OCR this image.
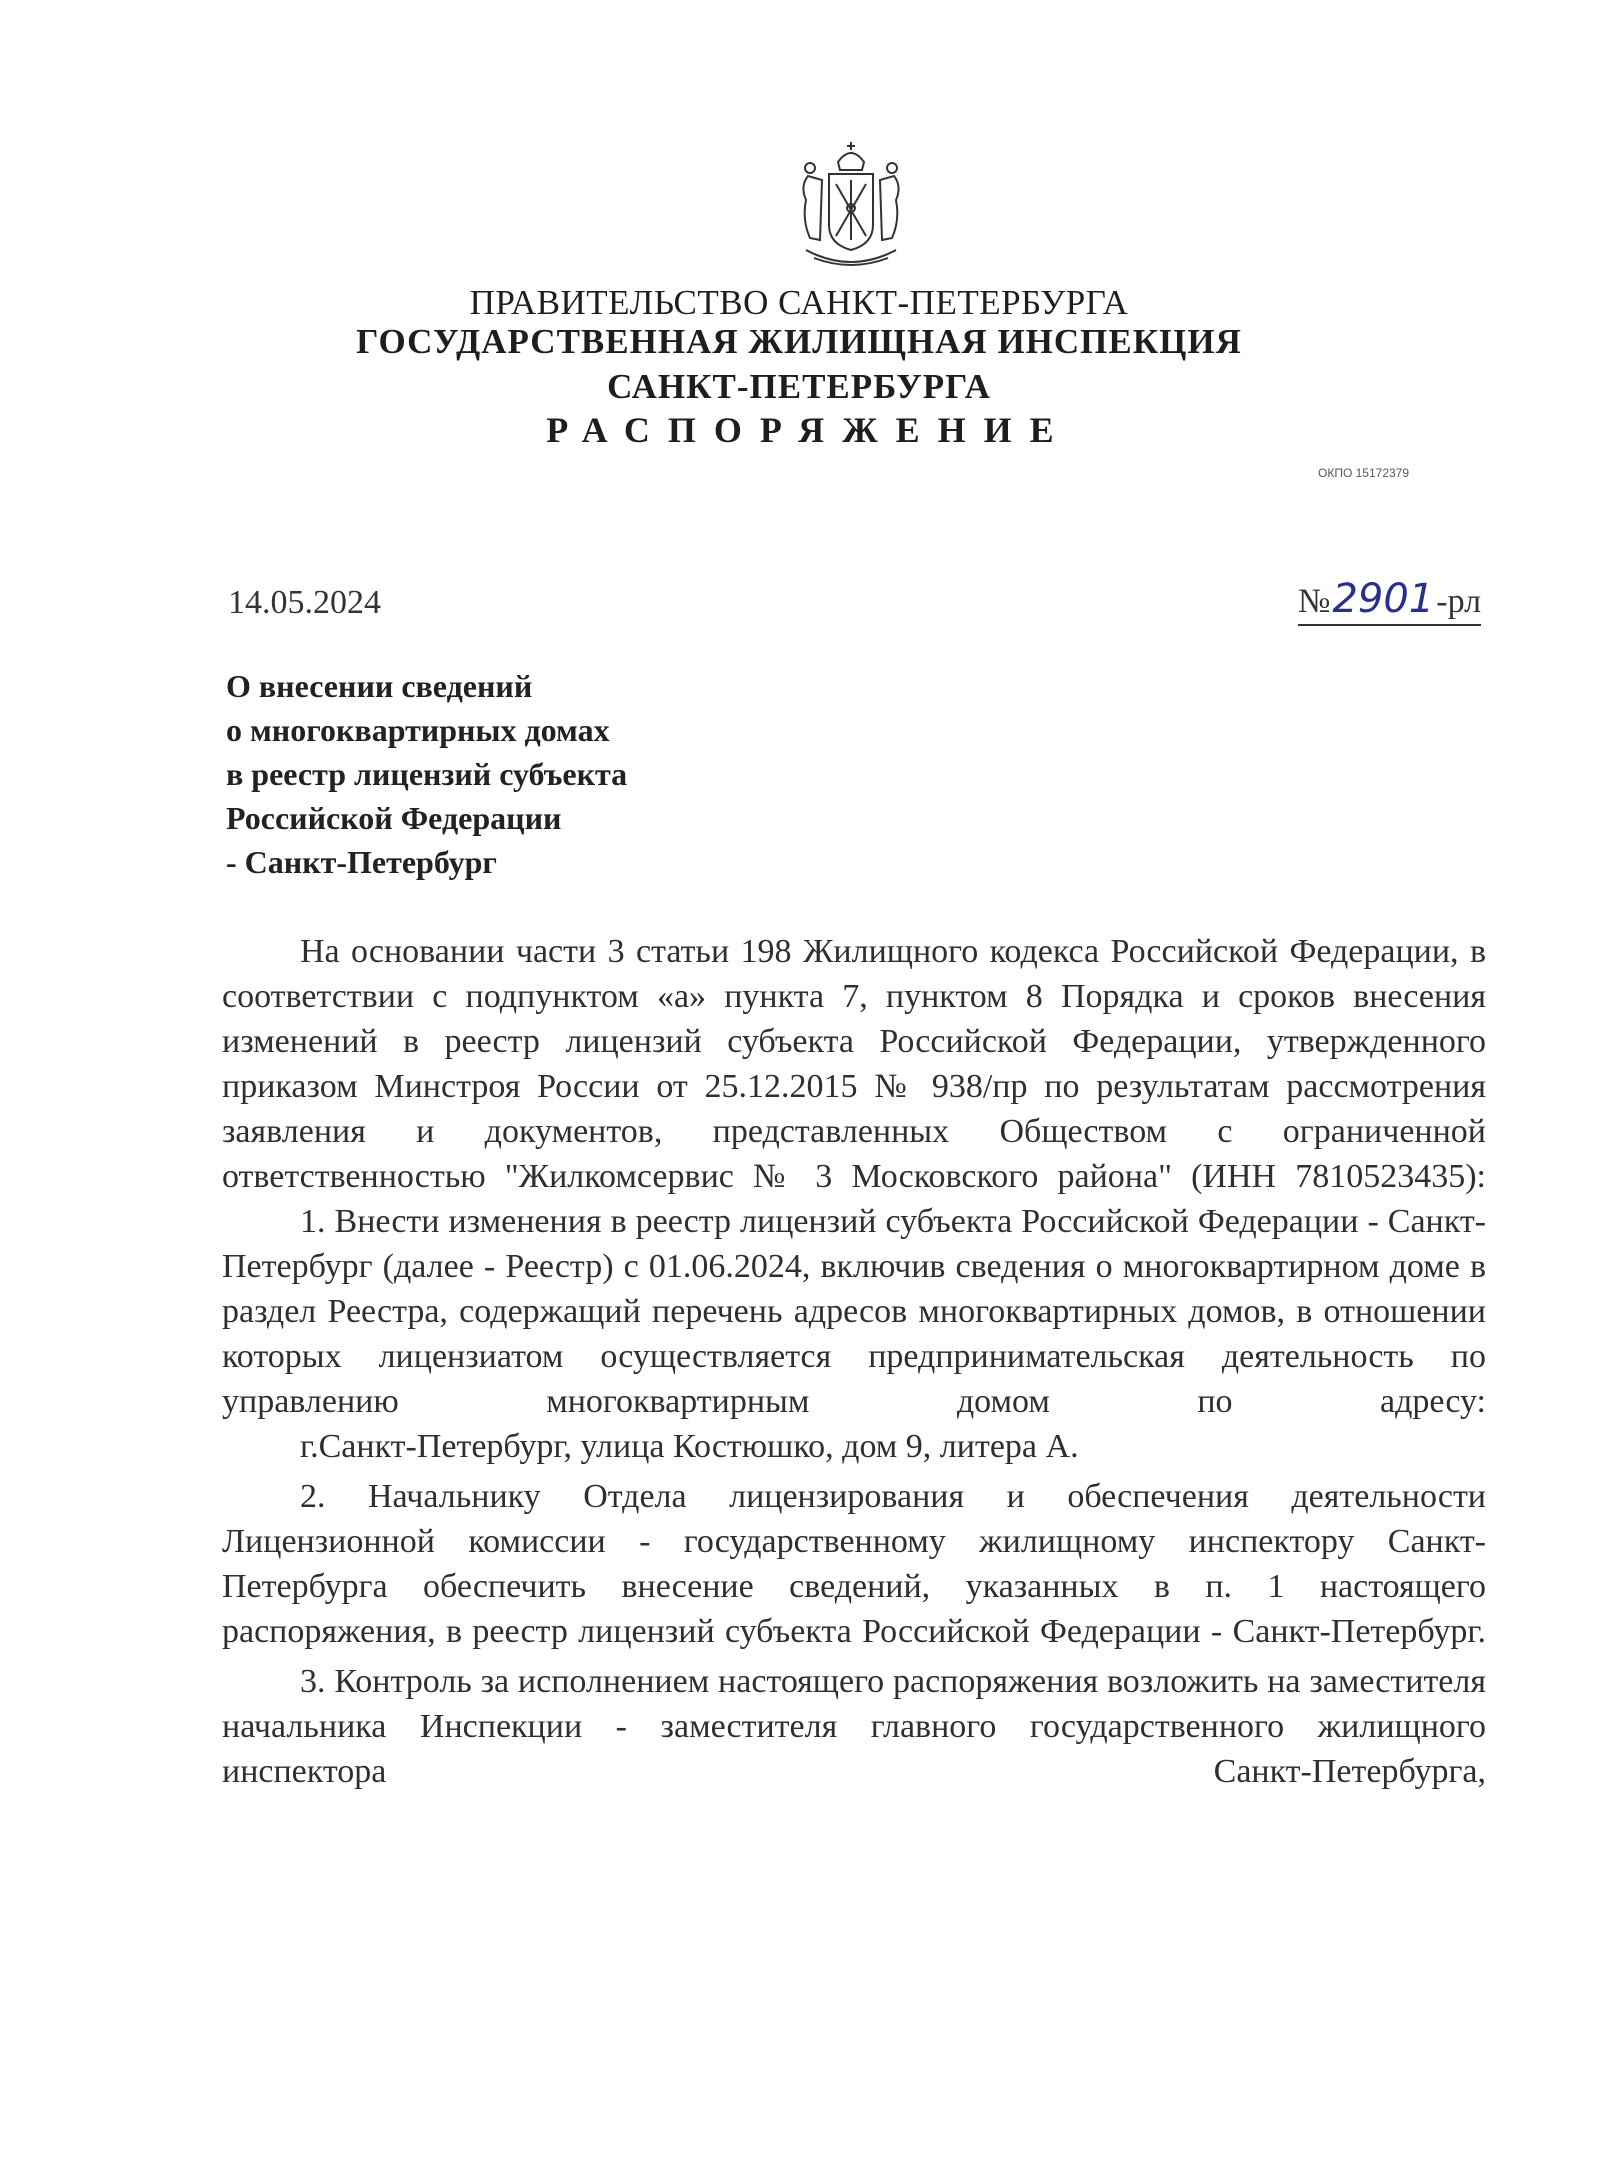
ПРАВИТЕЛЬСТВО САНКТ-ПЕТЕРБУРГА
ГОСУДАРСТВЕННАЯ ЖИЛИЩНАЯ ИНСПЕКЦИЯ
САНКТ-ПЕТЕРБУРГА
РАСПОРЯЖЕНИЕ
ОКПО 15172379
14.05.2024	№2901-рл
О внесении сведений
о многоквартирных домах
в реестр лицензий субъекта
Российской Федерации
- Санкт-Петербург

На основании части 3 статьи 198 Жилищного кодекса Российской Федерации, в соответствии с подпунктом «а» пункта 7, пунктом 8 Порядка и сроков внесения изменений в реестр лицензий субъекта Российской Федерации, утвержденного приказом Минстроя России от 25.12.2015 № 938/пр по результатам рассмотрения заявления и документов, представленных Обществом с ограниченной ответственностью "Жилкомсервис № 3 Московского района" (ИНН 7810523435):

1. Внести изменения в реестр лицензий субъекта Российской Федерации - Санкт-Петербург (далее - Реестр) с 01.06.2024, включив сведения о многоквартирном доме в раздел Реестра, содержащий перечень адресов многоквартирных домов, в отношении которых лицензиатом осуществляется предпринимательская деятельность по управлению многоквартирным домом по адресу:

г.Санкт-Петербург, улица Костюшко, дом 9, литера А.

2. Начальнику Отдела лицензирования и обеспечения деятельности Лицензионной комиссии - государственному жилищному инспектору Санкт-Петербурга обеспечить внесение сведений, указанных в п. 1 настоящего распоряжения, в реестр лицензий субъекта Российской Федерации - Санкт-Петербург.

3. Контроль за исполнением настоящего распоряжения возложить на заместителя начальника Инспекции - заместителя главного государственного жилищного инспектора Санкт-Петербурга,
